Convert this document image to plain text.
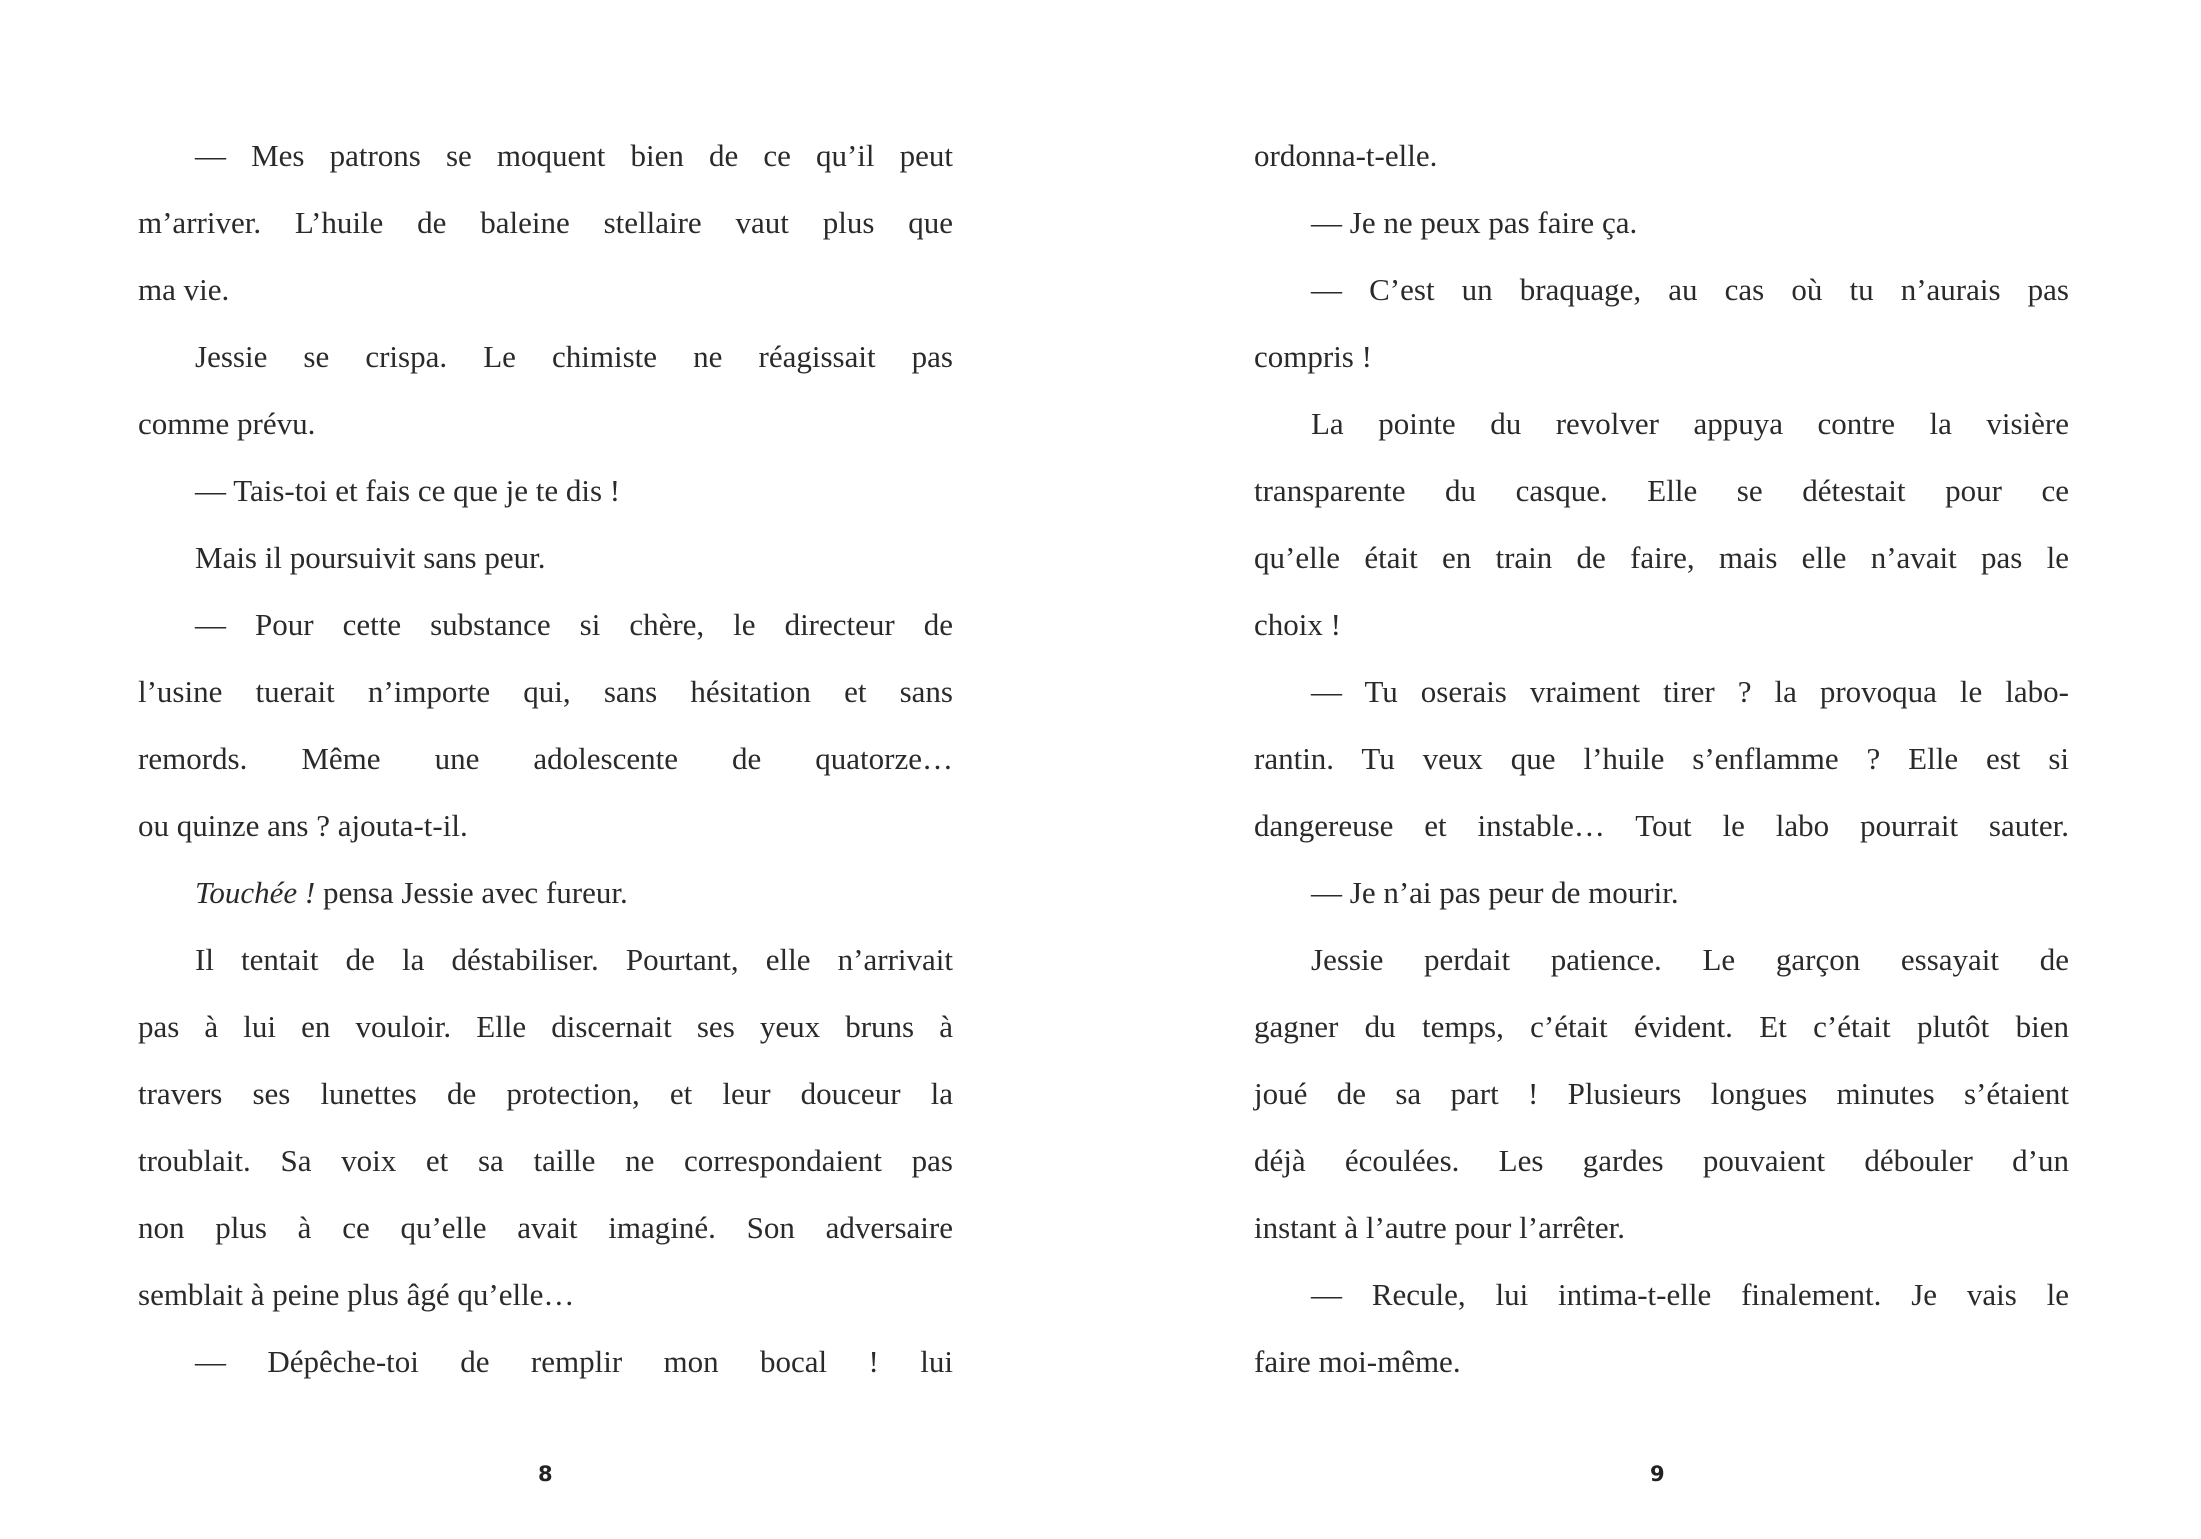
— Mes patrons se moquent bien de ce qu’il peut
m’arriver. L’huile de baleine stellaire vaut plus que
ma vie.
Jessie se crispa. Le chimiste ne réagissait pas
comme prévu.
— Tais-toi et fais ce que je te dis !
Mais il poursuivit sans peur.
— Pour cette substance si chère, le directeur de
l’usine tuerait n’importe qui, sans hésitation et sans
remords. Même une adolescente de quatorze…
ou quinze ans ? ajouta-t-il.
Touchée ! pensa Jessie avec fureur.
Il tentait de la déstabiliser. Pourtant, elle n’arrivait
pas à lui en vouloir. Elle discernait ses yeux bruns à
travers ses lunettes de protection, et leur douceur la
troublait. Sa voix et sa taille ne correspondaient pas
non plus à ce qu’elle avait imaginé. Son adversaire
semblait à peine plus âgé qu’elle…
— Dépêche-toi de remplir mon bocal ! lui
8
ordonna-t-elle.
— Je ne peux pas faire ça.
— C’est un braquage, au cas où tu n’aurais pas
compris !
La pointe du revolver appuya contre la visière
transparente du casque. Elle se détestait pour ce
qu’elle était en train de faire, mais elle n’avait pas le
choix !
— Tu oserais vraiment tirer ? la provoqua le labo-
rantin. Tu veux que l’huile s’enflamme ? Elle est si
dangereuse et instable… Tout le labo pourrait sauter.
— Je n’ai pas peur de mourir.
Jessie perdait patience. Le garçon essayait de
gagner du temps, c’était évident. Et c’était plutôt bien
joué de sa part ! Plusieurs longues minutes s’étaient
déjà écoulées. Les gardes pouvaient débouler d’un
instant à l’autre pour l’arrêter.
— Recule, lui intima-t-elle finalement. Je vais le
faire moi-même.
9
